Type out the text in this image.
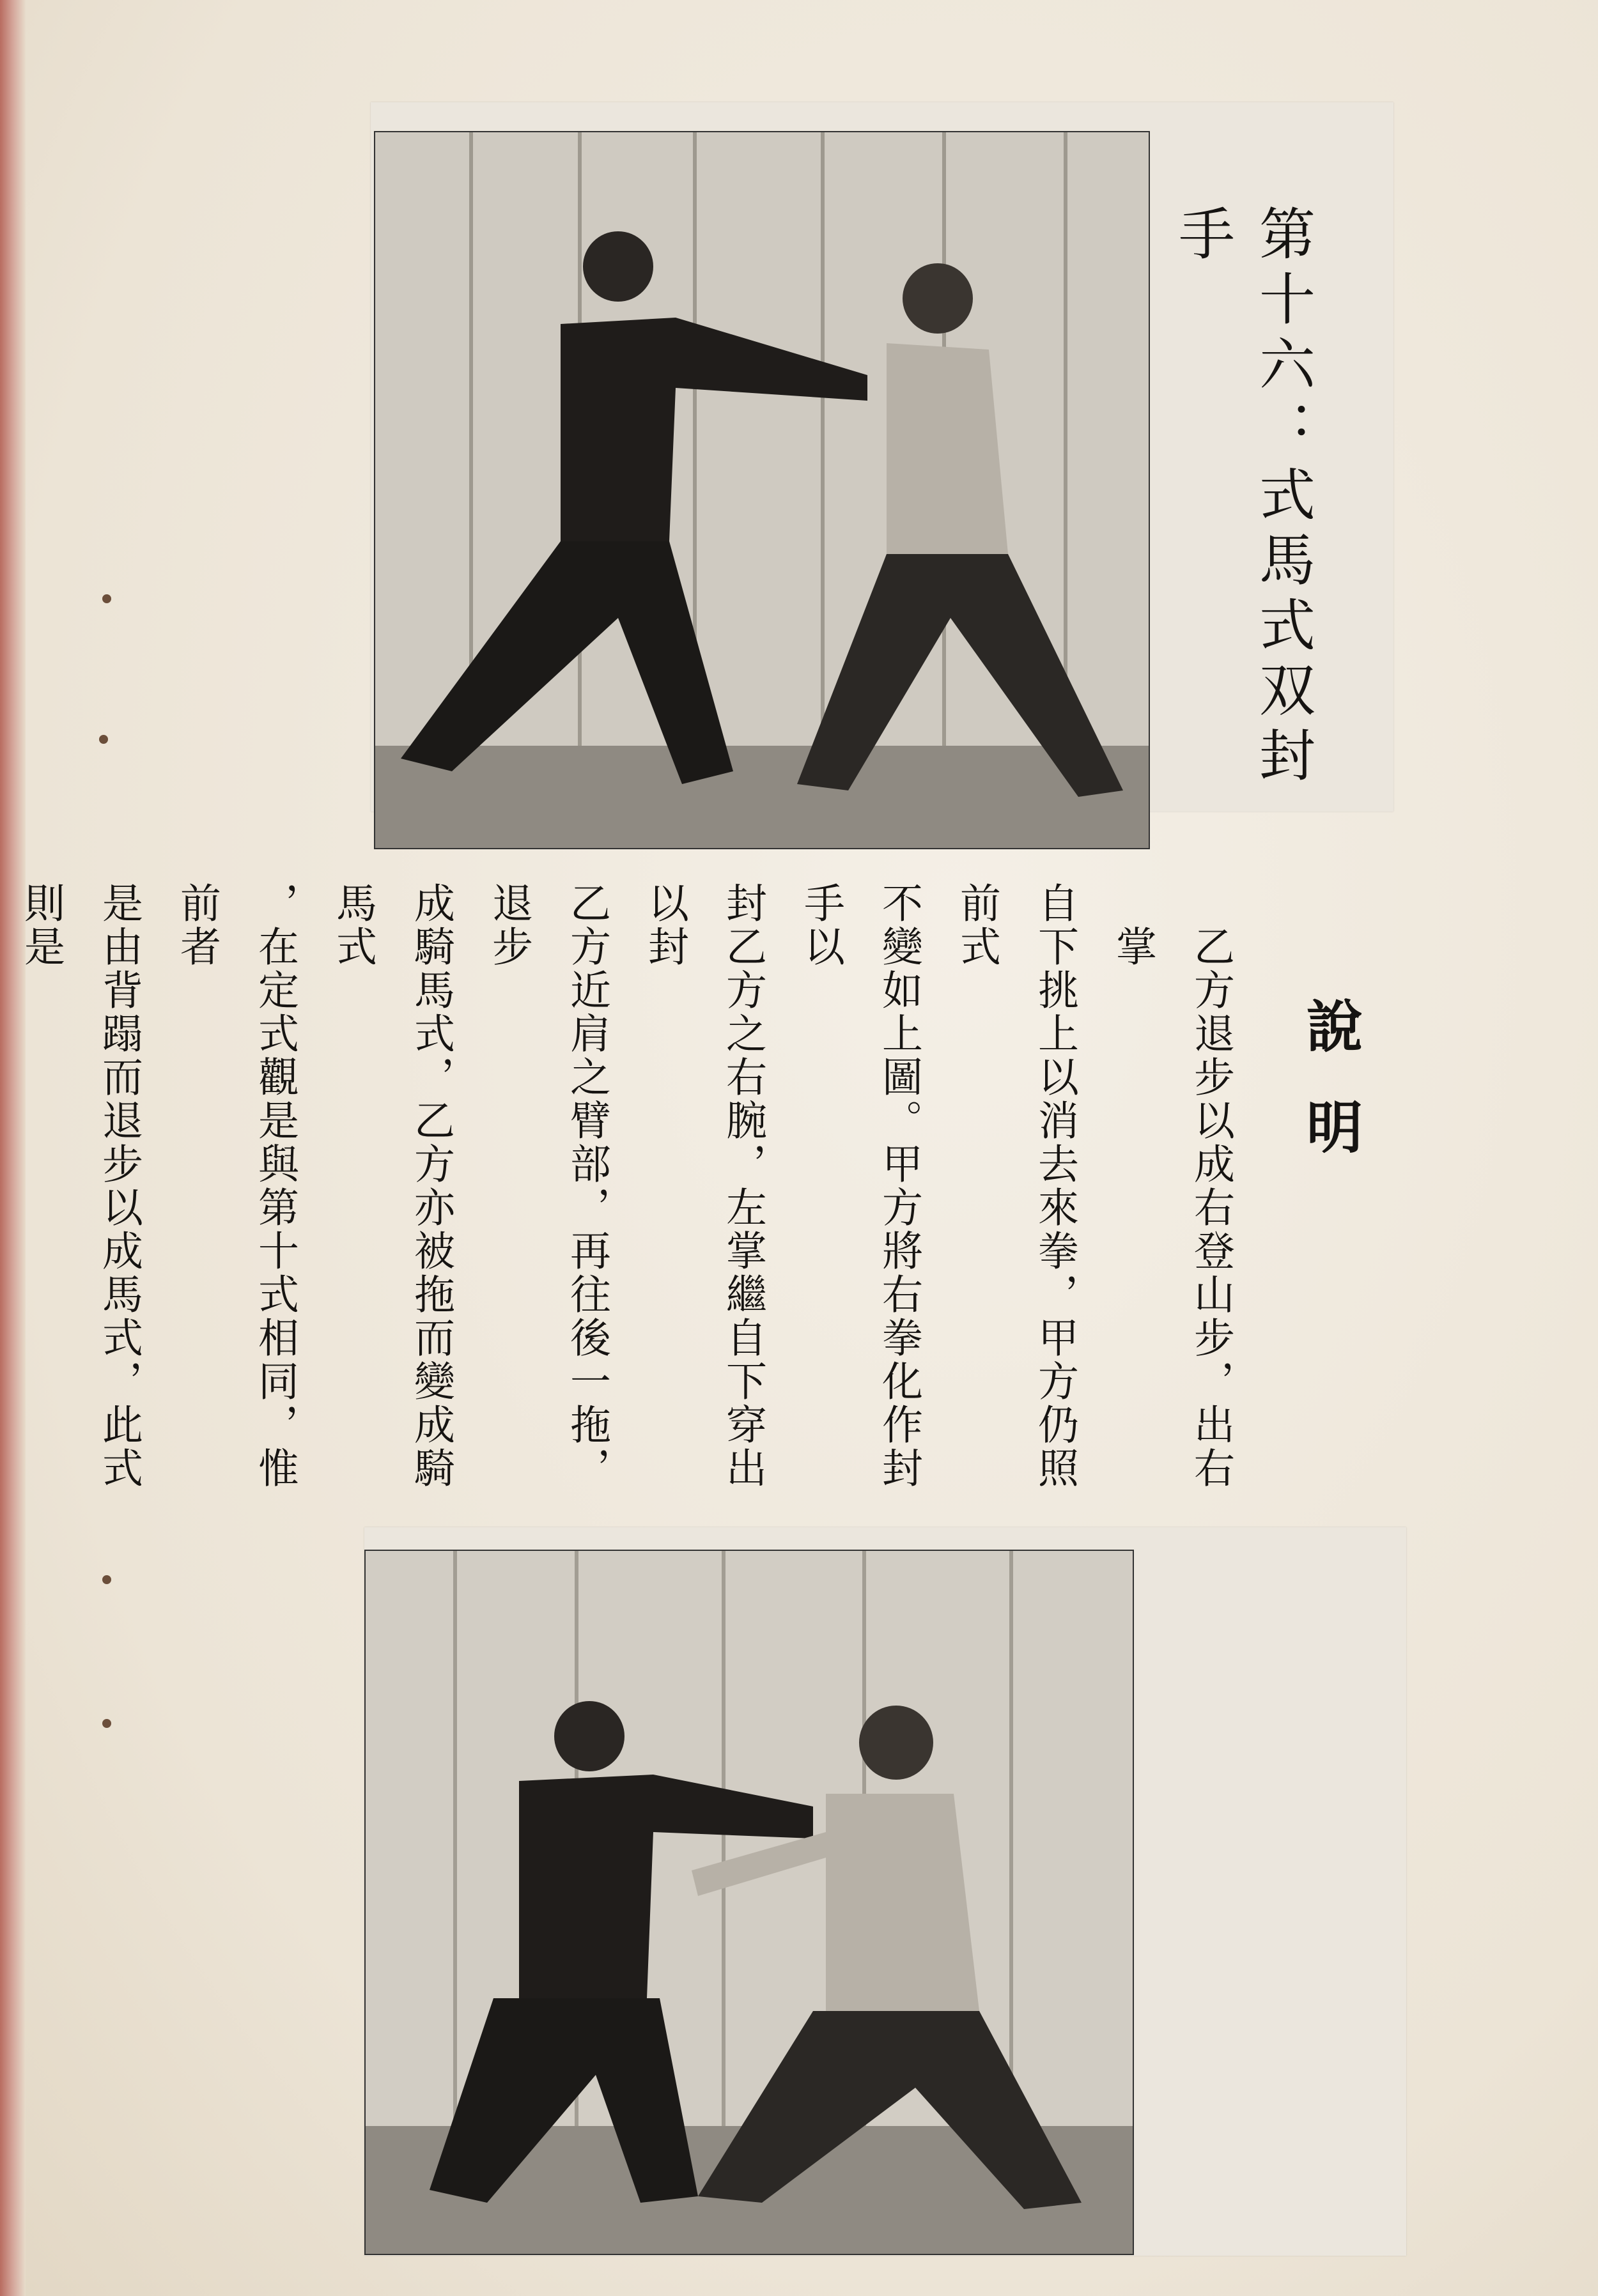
第十六：式馬式双封手
說明

乙方退步以成右登山步，出右掌

自下挑上以消去來拳，甲方仍照前式

不變如上圖。甲方將右拳化作封手以

封乙方之右腕，左掌繼自下穿出以封

乙方近肩之臂部，再往後一拖，退步

成騎馬式，乙方亦被拖而變成騎馬式

，在定式觀是與第十式相同，惟前者

是由背蹋而退步以成馬式，此式則是
